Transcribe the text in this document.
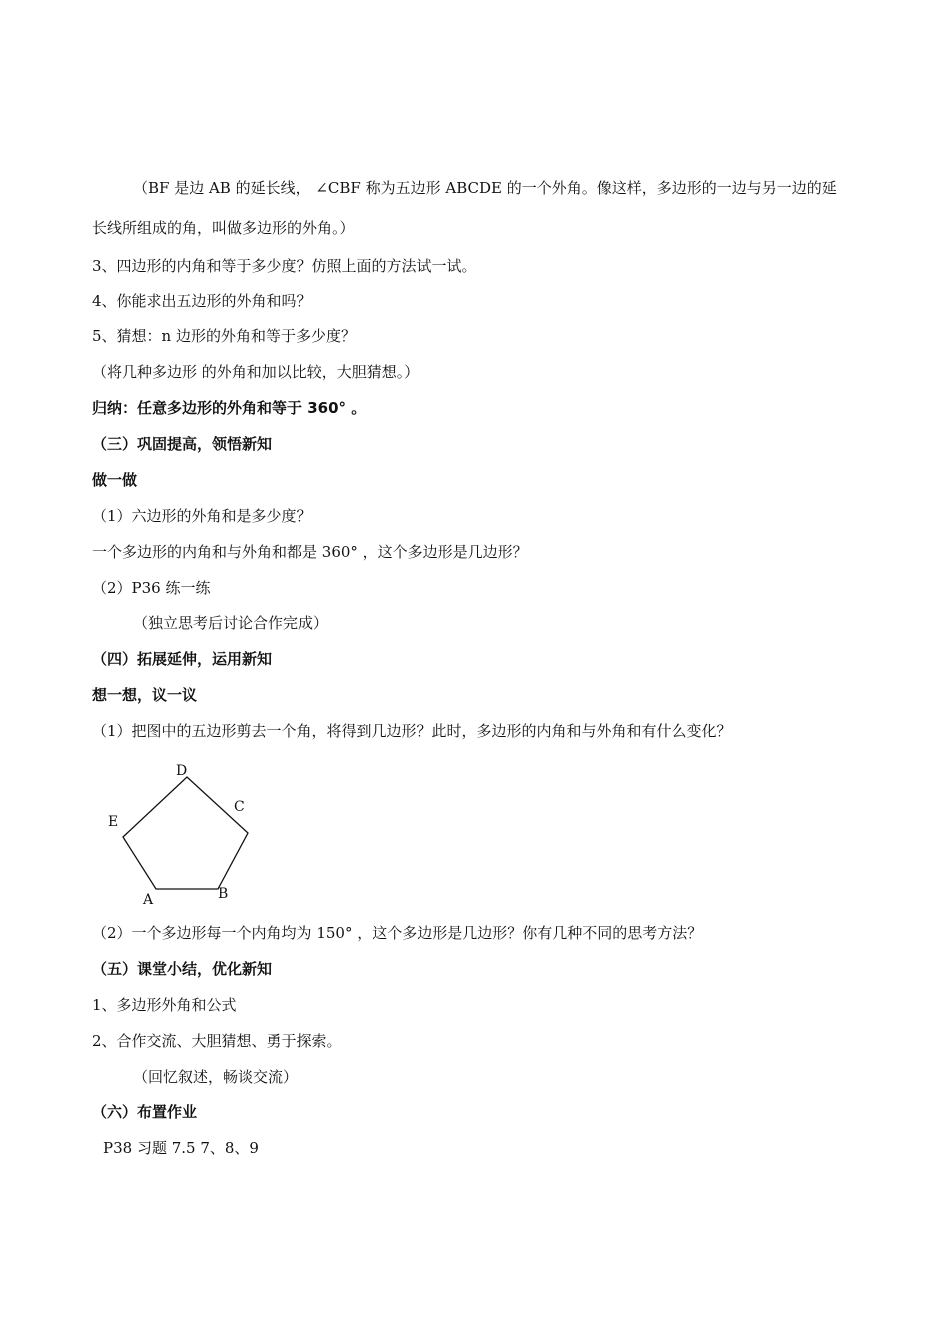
（BF 是边 AB 的延长线， ∠CBF 称为五边形 ABCDE 的一个外角。像这样，多边形的一边与另一边的延
长线所组成的角，叫做多边形的外角。）
3、四边形的内角和等于多少度？仿照上面的方法试一试。
4、你能求出五边形的外角和吗？
5、猜想：n 边形的外角和等于多少度？
（将几种多边形 的外角和加以比较，大胆猜想。）
归纳：任意多边形的外角和等于 360° 。
（三）巩固提高，领悟新知
做一做
（1）六边形的外角和是多少度？
一个多边形的内角和与外角和都是 360° ，这个多边形是几边形？
（2）P36 练一练
（独立思考后讨论合作完成）
（四）拓展延伸，运用新知
想一想，议一议
（1）把图中的五边形剪去一个角，将得到几边形？此时，多边形的内角和与外角和有什么变化？
A	B
C
D
E
（2）一个多边形每一个内角均为 150° ，这个多边形是几边形？你有几种不同的思考方法？
（五）课堂小结，优化新知
1、多边形外角和公式
2、合作交流、大胆猜想、勇于探索。
（回忆叙述，畅谈交流）
（六）布置作业
P38 习题 7.5 7、8、9
